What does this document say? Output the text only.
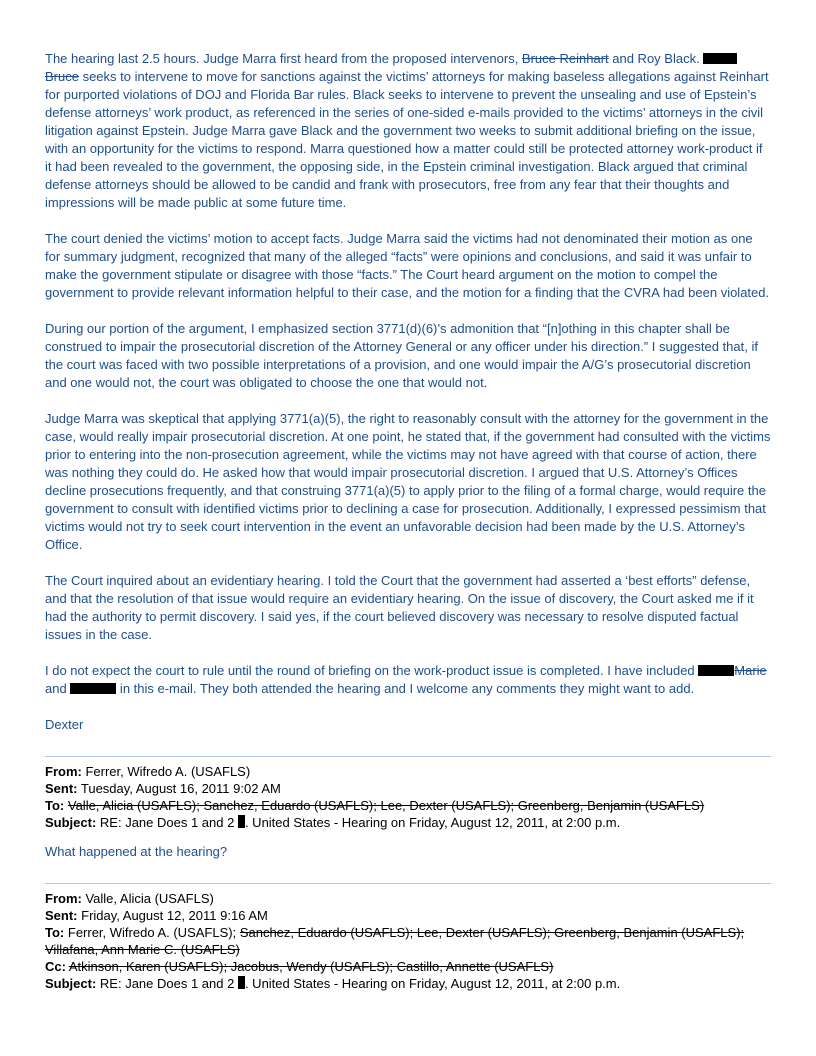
The hearing last 2.5 hours. Judge Marra first heard from the proposed intervenors, Bruce Reinhart and Roy Black. Bruce seeks to intervene to move for sanctions against the victims’ attorneys for making baseless allegations against Reinhart for purported violations of DOJ and Florida Bar rules. Black seeks to intervene to prevent the unsealing and use of Epstein’s defense attorneys’ work product, as referenced in the series of one-sided e-mails provided to the victims’ attorneys in the civil litigation against Epstein. Judge Marra gave Black and the government two weeks to submit additional briefing on the issue, with an opportunity for the victims to respond. Marra questioned how a matter could still be protected attorney work-product if it had been revealed to the government, the opposing side, in the Epstein criminal investigation. Black argued that criminal defense attorneys should be allowed to be candid and frank with prosecutors, free from any fear that their thoughts and impressions will be made public at some future time.

The court denied the victims’ motion to accept facts. Judge Marra said the victims had not denominated their motion as one for summary judgment, recognized that many of the alleged “facts” were opinions and conclusions, and said it was unfair to make the government stipulate or disagree with those “facts.” The Court heard argument on the motion to compel the government to provide relevant information helpful to their case, and the motion for a finding that the CVRA had been violated.

During our portion of the argument, I emphasized section 3771(d)(6)’s admonition that “[n]othing in this chapter shall be construed to impair the prosecutorial discretion of the Attorney General or any officer under his direction.” I suggested that, if the court was faced with two possible interpretations of a provision, and one would impair the A/G’s prosecutorial discretion and one would not, the court was obligated to choose the one that would not.

Judge Marra was skeptical that applying 3771(a)(5), the right to reasonably consult with the attorney for the government in the case, would really impair prosecutorial discretion. At one point, he stated that, if the government had consulted with the victims prior to entering into the non-prosecution agreement, while the victims may not have agreed with that course of action, there was nothing they could do. He asked how that would impair prosecutorial discretion. I argued that U.S. Attorney’s Offices decline prosecutions frequently, and that construing 3771(a)(5) to apply prior to the filing of a formal charge, would require the government to consult with identified victims prior to declining a case for prosecution. Additionally, I expressed pessimism that victims would not try to seek court intervention in the event an unfavorable decision had been made by the U.S. Attorney’s Office.

The Court inquired about an evidentiary hearing. I told the Court that the government had asserted a ‘best efforts” defense, and that the resolution of that issue would require an evidentiary hearing. On the issue of discovery, the Court asked me if it had the authority to permit discovery. I said yes, if the court believed discovery was necessary to resolve disputed factual issues in the case.

I do not expect the court to rule until the round of briefing on the work-product issue is completed. I have included	Marie and	in this e-mail. They both attended the hearing and I welcome any comments they might want to add.

Dexter

From: Ferrer, Wifredo A. (USAFLS)
Sent: Tuesday, August 16, 2011 9:02 AM
To: Valle, Alicia (USAFLS); Sanchez, Eduardo (USAFLS); Lee, Dexter (USAFLS); Greenberg, Benjamin (USAFLS)
Subject: RE: Jane Does 1 and 2 . United States - Hearing on Friday, August 12, 2011, at 2:00 p.m.

What happened at the hearing?

From: Valle, Alicia (USAFLS)
Sent: Friday, August 12, 2011 9:16 AM
To: Ferrer, Wifredo A. (USAFLS); Sanchez, Eduardo (USAFLS); Lee, Dexter (USAFLS); Greenberg, Benjamin (USAFLS); Villafana, Ann Marie C. (USAFLS)
Cc: Atkinson, Karen (USAFLS); Jacobus, Wendy (USAFLS); Castillo, Annette (USAFLS)
Subject: RE: Jane Does 1 and 2 . United States - Hearing on Friday, August 12, 2011, at 2:00 p.m.
